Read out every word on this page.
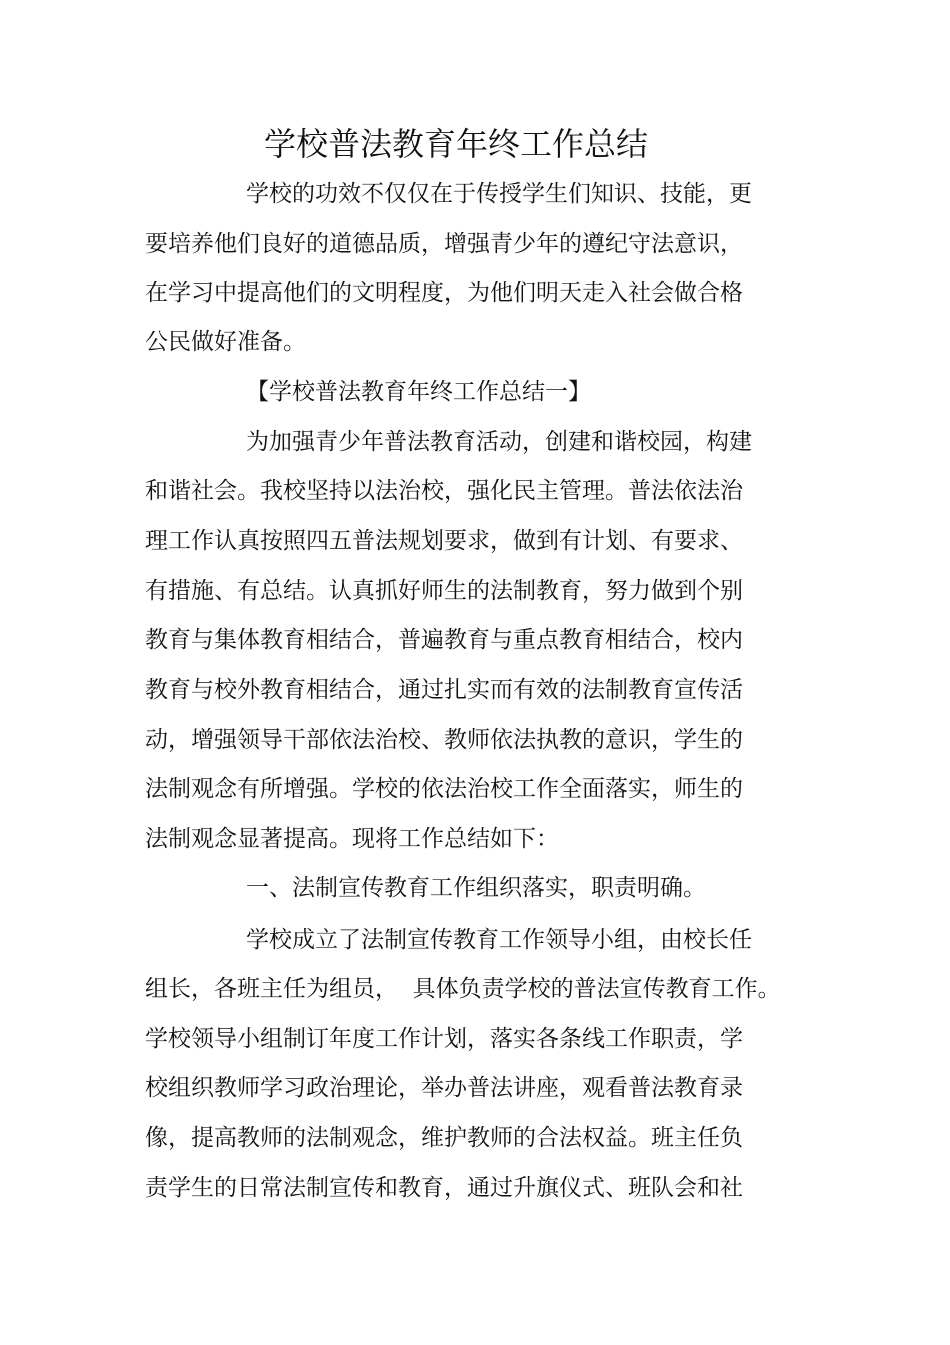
学校普法教育年终工作总结
学校的功效不仅仅在于传授学生们知识、技能，更
要培养他们良好的道德品质，增强青少年的遵纪守法意识，
在学习中提高他们的文明程度，为他们明天走入社会做合格
公民做好准备。
【学校普法教育年终工作总结一】
为加强青少年普法教育活动，创建和谐校园，构建
和谐社会。我校坚持以法治校，强化民主管理。普法依法治
理工作认真按照四五普法规划要求，做到有计划、有要求、
有措施、有总结。认真抓好师生的法制教育，努力做到个别
教育与集体教育相结合，普遍教育与重点教育相结合，校内
教育与校外教育相结合，通过扎实而有效的法制教育宣传活
动，增强领导干部依法治校、教师依法执教的意识，学生的
法制观念有所增强。学校的依法治校工作全面落实，师生的
法制观念显著提高。现将工作总结如下：
一、法制宣传教育工作组织落实，职责明确。
学校成立了法制宣传教育工作领导小组，由校长任
组长，各班主任为组员，  具体负责学校的普法宣传教育工作。
学校领导小组制订年度工作计划，落实各条线工作职责，学
校组织教师学习政治理论，举办普法讲座，观看普法教育录
像，提高教师的法制观念，维护教师的合法权益。班主任负
责学生的日常法制宣传和教育，通过升旗仪式、班队会和社
